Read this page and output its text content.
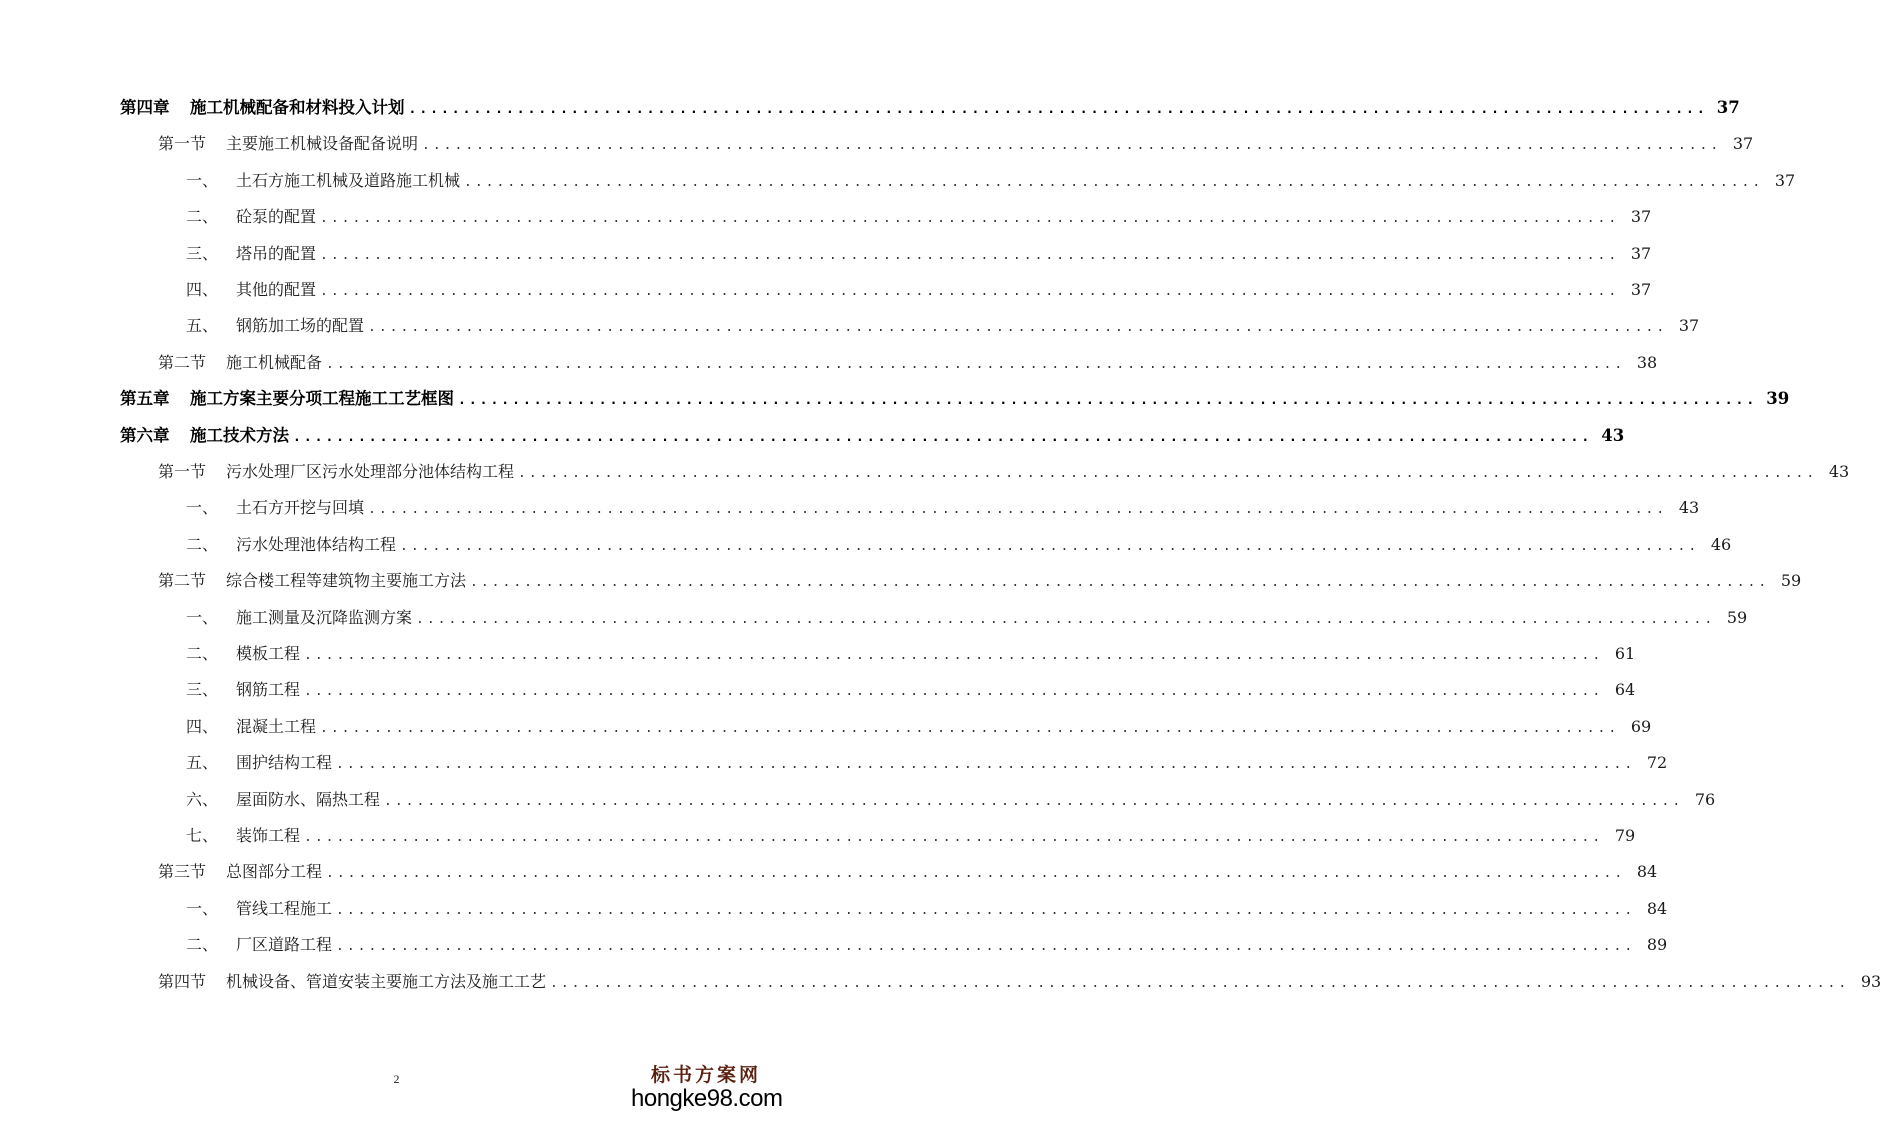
第四章 施工机械配备和材料投入计划 ........................................................................................................................ 37
第一节 主要施工机械设备配备说明 ........................................................................................................................ 37
一、 土石方施工机械及道路施工机械 ........................................................................................................................ 37
二、 砼泵的配置 ........................................................................................................................ 37
三、 塔吊的配置 ........................................................................................................................ 37
四、 其他的配置 ........................................................................................................................ 37
五、 钢筋加工场的配置 ........................................................................................................................ 37
第二节 施工机械配备 ........................................................................................................................ 38
第五章 施工方案主要分项工程施工工艺框图 ........................................................................................................................ 39
第六章 施工技术方法 ........................................................................................................................ 43
第一节 污水处理厂区污水处理部分池体结构工程 ........................................................................................................................ 43
一、 土石方开挖与回填 ........................................................................................................................ 43
二、 污水处理池体结构工程 ........................................................................................................................ 46
第二节 综合楼工程等建筑物主要施工方法 ........................................................................................................................ 59
一、 施工测量及沉降监测方案 ........................................................................................................................ 59
二、 模板工程 ........................................................................................................................ 61
三、 钢筋工程 ........................................................................................................................ 64
四、 混凝土工程 ........................................................................................................................ 69
五、 围护结构工程 ........................................................................................................................ 72
六、 屋面防水、隔热工程 ........................................................................................................................ 76
七、 装饰工程 ........................................................................................................................ 79
第三节 总图部分工程 ........................................................................................................................ 84
一、 管线工程施工 ........................................................................................................................ 84
二、 厂区道路工程 ........................................................................................................................ 89
第四节 机械设备、管道安装主要施工方法及施工工艺 ........................................................................................................................ 93
2	标书方案网
hongke98.com
